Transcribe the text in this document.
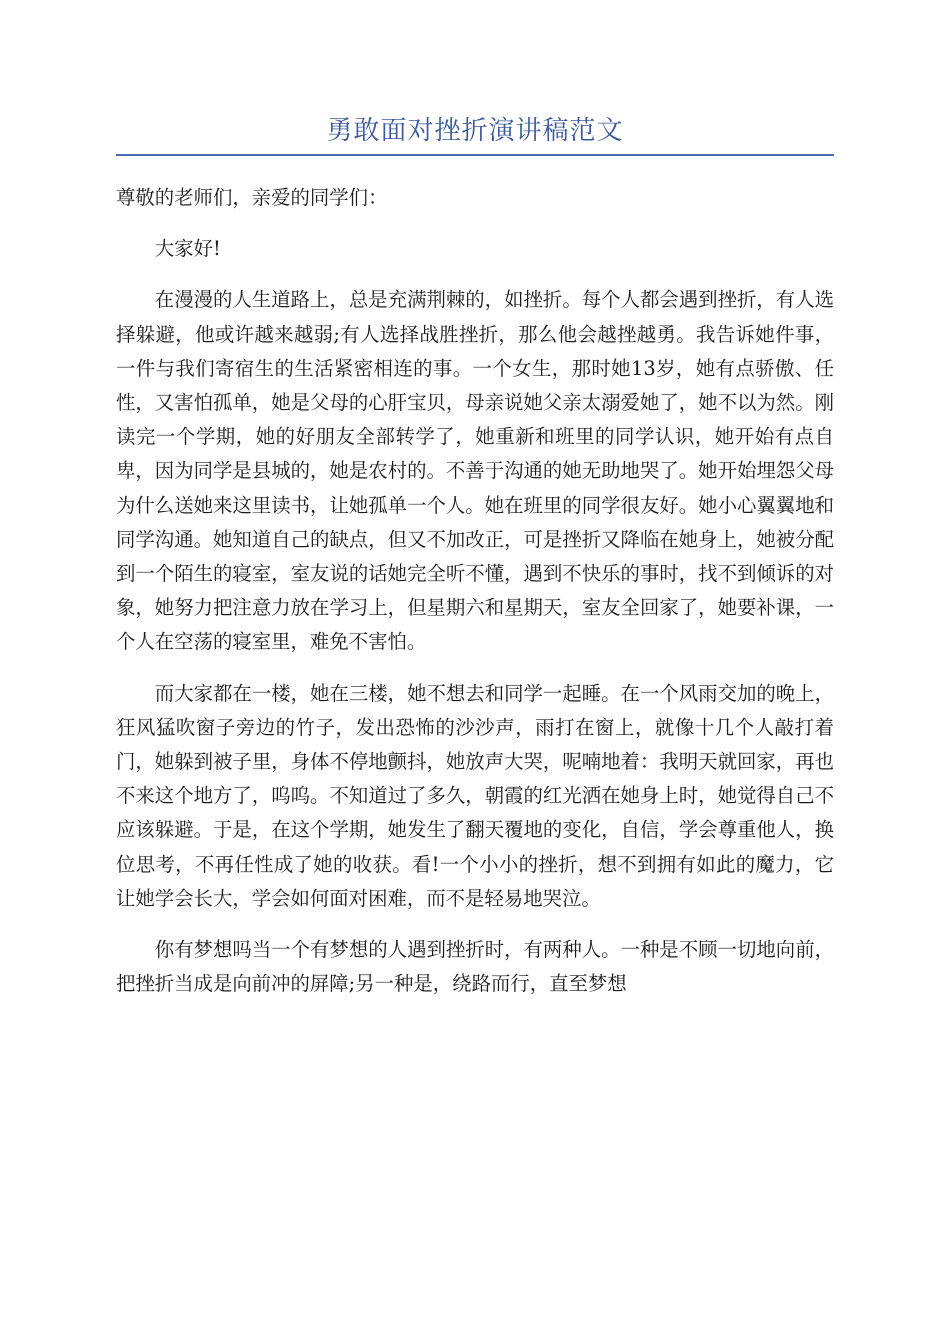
勇敢面对挫折演讲稿范文

尊敬的老师们，亲爱的同学们：

大家好!

在漫漫的人生道路上，总是充满荆棘的，如挫折。每个人都会遇到挫折，有人选择躲避，他或许越来越弱;有人选择战胜挫折，那么他会越挫越勇。我告诉她件事，一件与我们寄宿生的生活紧密相连的事。一个女生，那时她13岁，她有点骄傲、任性，又害怕孤单，她是父母的心肝宝贝，母亲说她父亲太溺爱她了，她不以为然。刚读完一个学期，她的好朋友全部转学了，她重新和班里的同学认识，她开始有点自卑，因为同学是县城的，她是农村的。不善于沟通的她无助地哭了。她开始埋怨父母为什么送她来这里读书，让她孤单一个人。她在班里的同学很友好。她小心翼翼地和同学沟通。她知道自己的缺点，但又不加改正，可是挫折又降临在她身上，她被分配到一个陌生的寝室，室友说的话她完全听不懂，遇到不快乐的事时，找不到倾诉的对象，她努力把注意力放在学习上，但星期六和星期天，室友全回家了，她要补课，一个人在空荡的寝室里，难免不害怕。

而大家都在一楼，她在三楼，她不想去和同学一起睡。在一个风雨交加的晚上，狂风猛吹窗子旁边的竹子，发出恐怖的沙沙声，雨打在窗上，就像十几个人敲打着门，她躲到被子里，身体不停地颤抖，她放声大哭，呢喃地着：我明天就回家，再也不来这个地方了，呜呜。不知道过了多久，朝霞的红光洒在她身上时，她觉得自己不应该躲避。于是，在这个学期，她发生了翻天覆地的变化，自信，学会尊重他人，换位思考，不再任性成了她的收获。看!一个小小的挫折，想不到拥有如此的魔力，它让她学会长大，学会如何面对困难，而不是轻易地哭泣。

你有梦想吗当一个有梦想的人遇到挫折时，有两种人。一种是不顾一切地向前，把挫折当成是向前冲的屏障;另一种是，绕路而行，直至梦想
